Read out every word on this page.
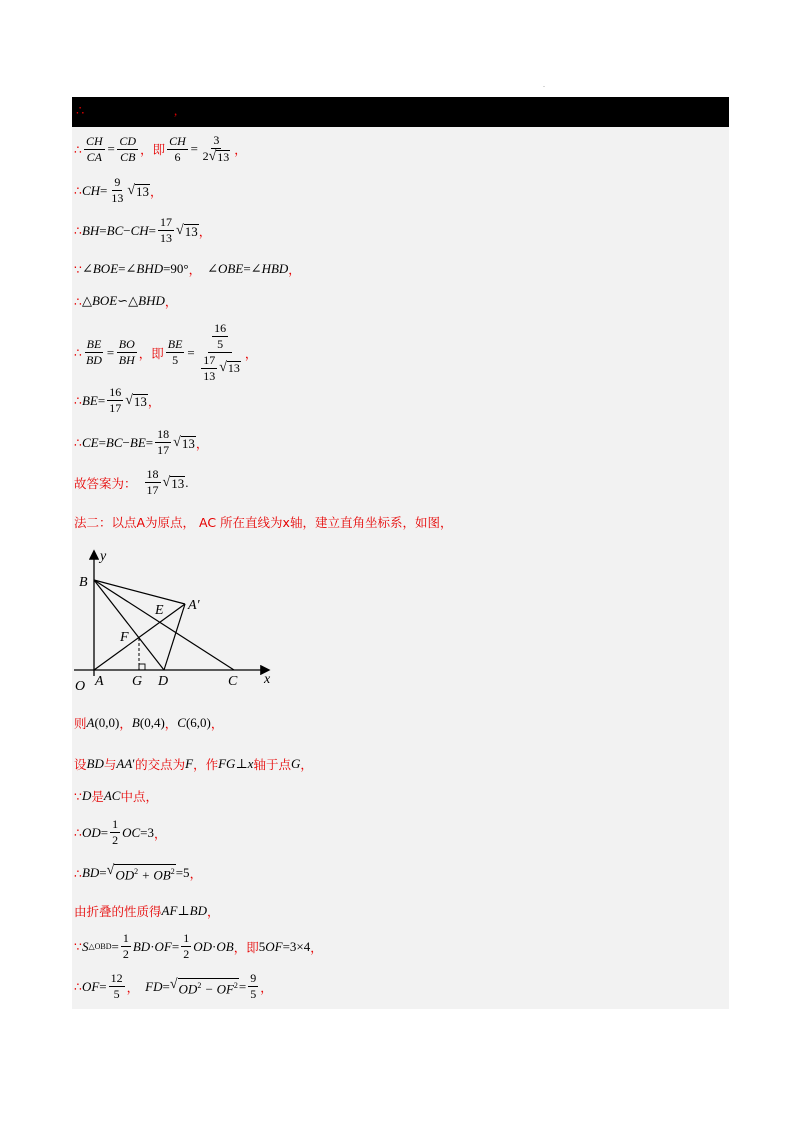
.
∴	,
∴ $\frac{CH}{CA} = \frac{CD}{CB}$ ， 即 $\frac{CH}{6} = \frac{3}{2 √ 13}$ ，
∴ CH = $\frac{9}{13}$ √ 13 ，
∴ BH = BC − CH = $\frac{17}{13}$ √ 13 ，
∵ ∠ BOE =∠ BHD =90° ， ∠ OBE =∠ HBD ，
∴ △ BOE ∽△ BHD ，
∴ $\frac{BE}{BD} = \frac{BO}{BH}$ ， 即 $\frac{BE}{5} = \frac{\frac{16}{5}}{\frac{17}{13} √ 13}$ ，
∴ BE = $\frac{16}{17}$ √ 13 ，
∴ CE = BC − BE = $\frac{18}{17}$ √ 13 ，
故答案为： $\frac{18}{17}$ √ 13 .
法二：以点A为原点， AC 所在直线为x轴，建立直角坐标系，如图，
y
x
B
A′
E
F
O A G D	C
则 A (0,0) ， B (0,4) ， C (6,0) ，
设 BD 与 AA ′ 的交点为 F ，作 FG ⊥ x 轴于点 G ，
∵ D 是 AC 中点，
∴ OD = $\frac{1}{2}$ OC =3 ，
∴ BD = √ $OD^2 + OB^2 =5$ ，
由折叠的性质得 AF ⊥ BD ，
∵ S △OBD = $\frac{1}{2}$ BD · OF = $\frac{1}{2}$ OD · OB ， 即 5 OF =3×4 ，
∴ OF = $\frac{12}{5}$ ， FD = √ $OD^2 - OF^2 = \frac{9}{5}$ ，
